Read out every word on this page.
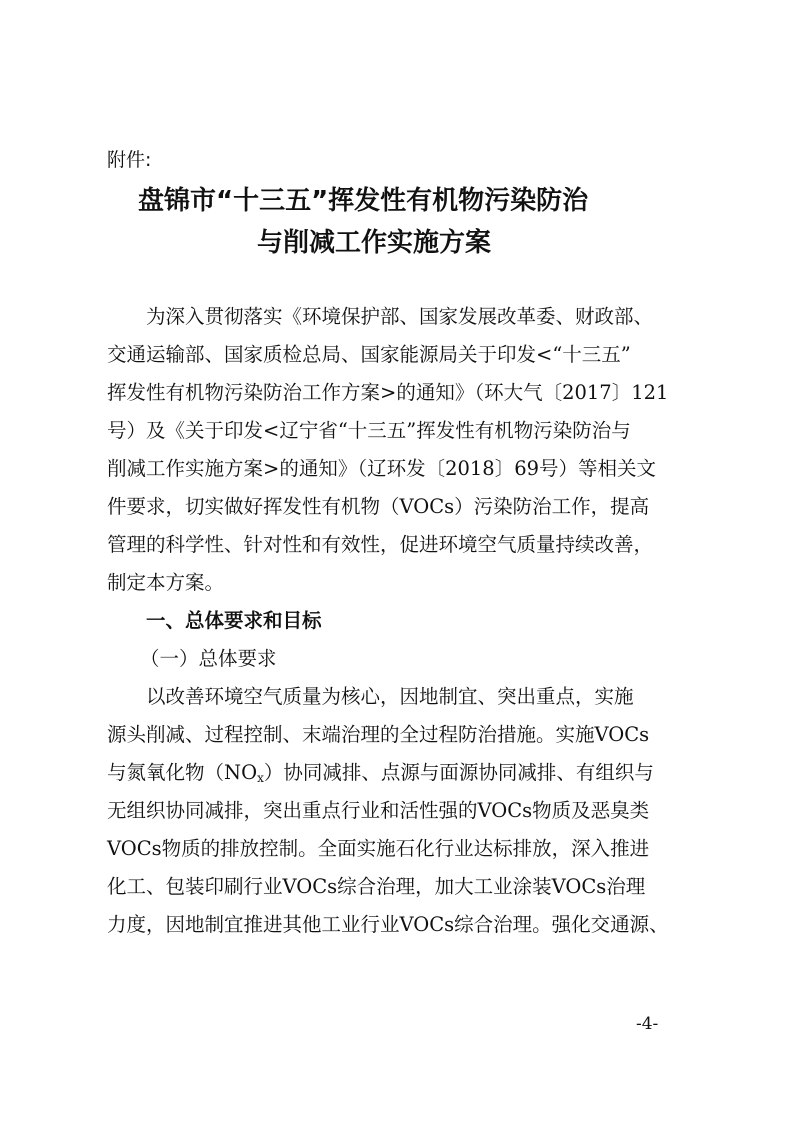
附件:
盘锦市“十三五”挥发性有机物污染防治
与削减工作实施方案
为深入贯彻落实《环境保护部、国家发展改革委、财政部、
交通运输部、国家质检总局、国家能源局关于印发<“十三五”
挥发性有机物污染防治工作方案>的通知》（环大气〔2017〕121
号）及《关于印发<辽宁省“十三五”挥发性有机物污染防治与
削减工作实施方案>的通知》（辽环发〔2018〕69号）等相关文
件要求，切实做好挥发性有机物（VOCs）污染防治工作，提高
管理的科学性、针对性和有效性，促进环境空气质量持续改善，
制定本方案。
一、总体要求和目标
（一）总体要求
以改善环境空气质量为核心，因地制宜、突出重点，实施
源头削减、过程控制、末端治理的全过程防治措施。实施VOCs
与氮氧化物$(NO_x)$协同减排、点源与面源协同减排、有组织与
无组织协同减排，突出重点行业和活性强的VOCs物质及恶臭类
VOCs物质的排放控制。全面实施石化行业达标排放，深入推进
化工、包装印刷行业VOCs综合治理，加大工业涂装VOCs治理
力度，因地制宜推进其他工业行业VOCs综合治理。强化交通源、
-4-
